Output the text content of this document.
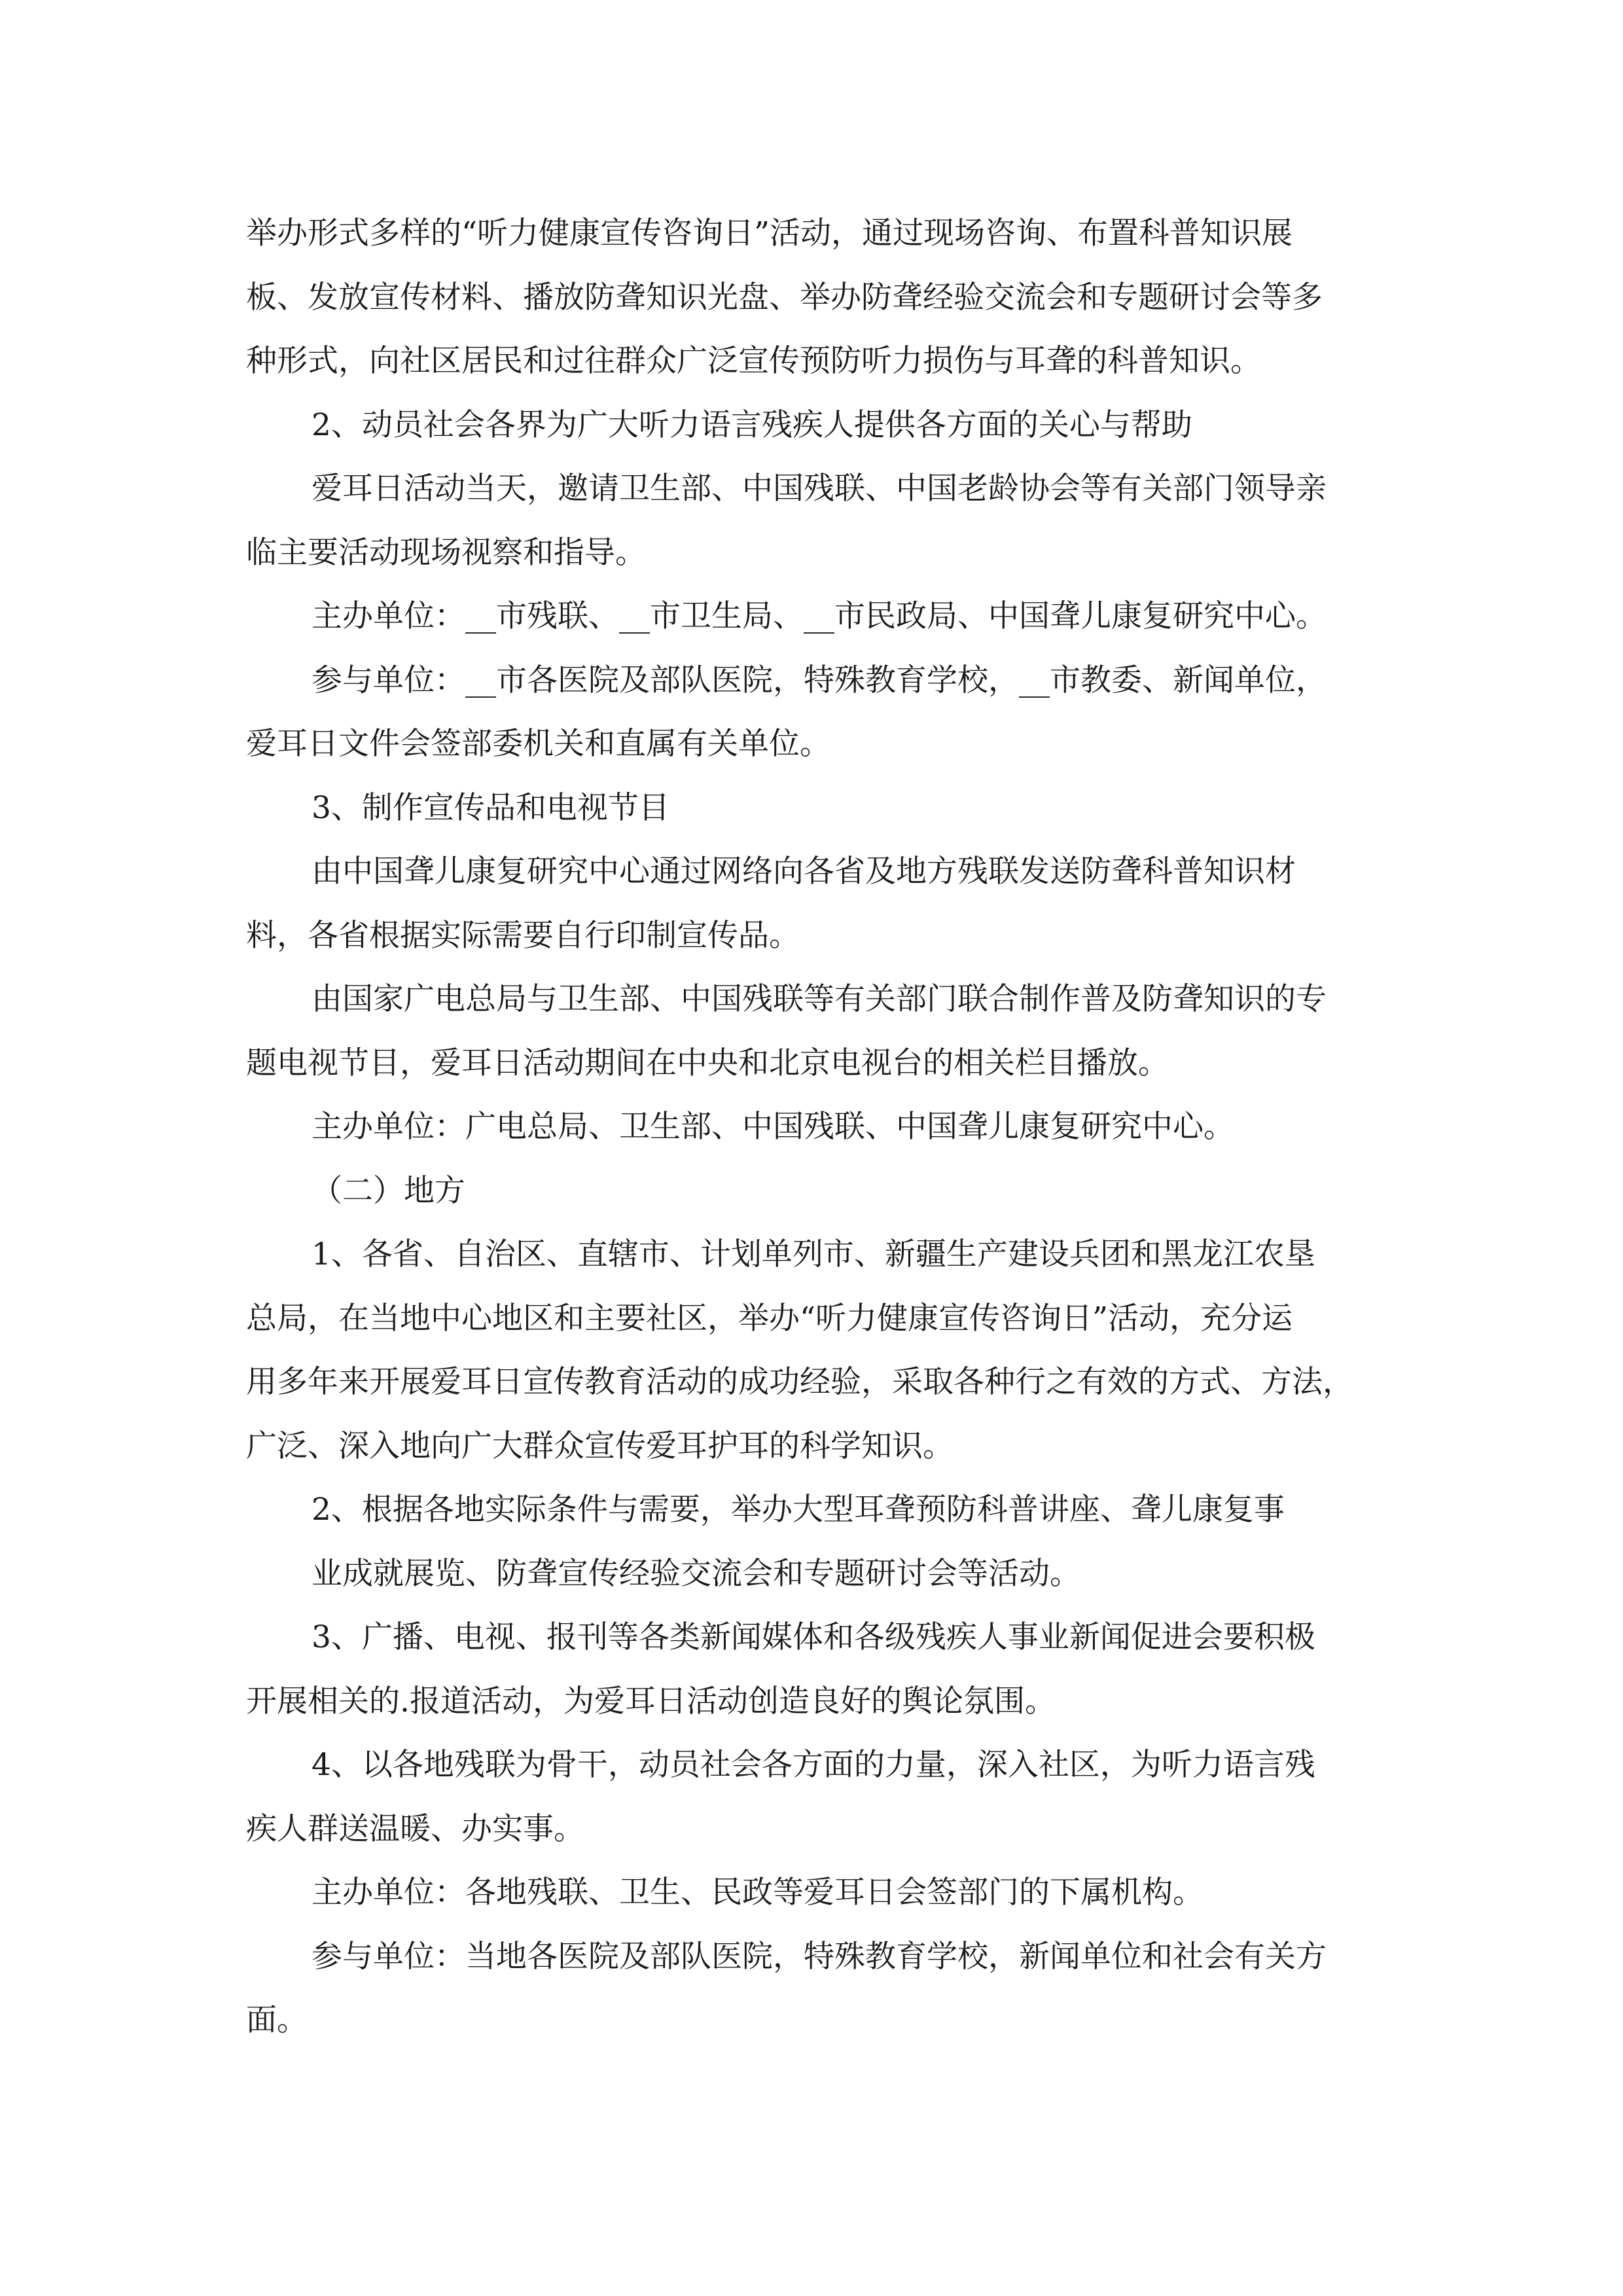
举办形式多样的“听力健康宣传咨询日”活动，通过现场咨询、布置科普知识展
板、发放宣传材料、播放防聋知识光盘、举办防聋经验交流会和专题研讨会等多
种形式，向社区居民和过往群众广泛宣传预防听力损伤与耳聋的科普知识。
2、动员社会各界为广大听力语言残疾人提供各方面的关心与帮助
爱耳日活动当天，邀请卫生部、中国残联、中国老龄协会等有关部门领导亲
临主要活动现场视察和指导。
主办单位：__市残联、__市卫生局、__市民政局、中国聋儿康复研究中心。
参与单位：__市各医院及部队医院，特殊教育学校，__市教委、新闻单位，
爱耳日文件会签部委机关和直属有关单位。
3、制作宣传品和电视节目
由中国聋儿康复研究中心通过网络向各省及地方残联发送防聋科普知识材
料，各省根据实际需要自行印制宣传品。
由国家广电总局与卫生部、中国残联等有关部门联合制作普及防聋知识的专
题电视节目，爱耳日活动期间在中央和北京电视台的相关栏目播放。
主办单位：广电总局、卫生部、中国残联、中国聋儿康复研究中心。
（二）地方
1、各省、自治区、直辖市、计划单列市、新疆生产建设兵团和黑龙江农垦
总局，在当地中心地区和主要社区，举办“听力健康宣传咨询日”活动，充分运
用多年来开展爱耳日宣传教育活动的成功经验，采取各种行之有效的方式、方法，
广泛、深入地向广大群众宣传爱耳护耳的科学知识。
2、根据各地实际条件与需要，举办大型耳聋预防科普讲座、聋儿康复事
业成就展览、防聋宣传经验交流会和专题研讨会等活动。
3、广播、电视、报刊等各类新闻媒体和各级残疾人事业新闻促进会要积极
开展相关的.报道活动，为爱耳日活动创造良好的舆论氛围。
4、以各地残联为骨干，动员社会各方面的力量，深入社区，为听力语言残
疾人群送温暖、办实事。
主办单位：各地残联、卫生、民政等爱耳日会签部门的下属机构。
参与单位：当地各医院及部队医院，特殊教育学校，新闻单位和社会有关方
面。
